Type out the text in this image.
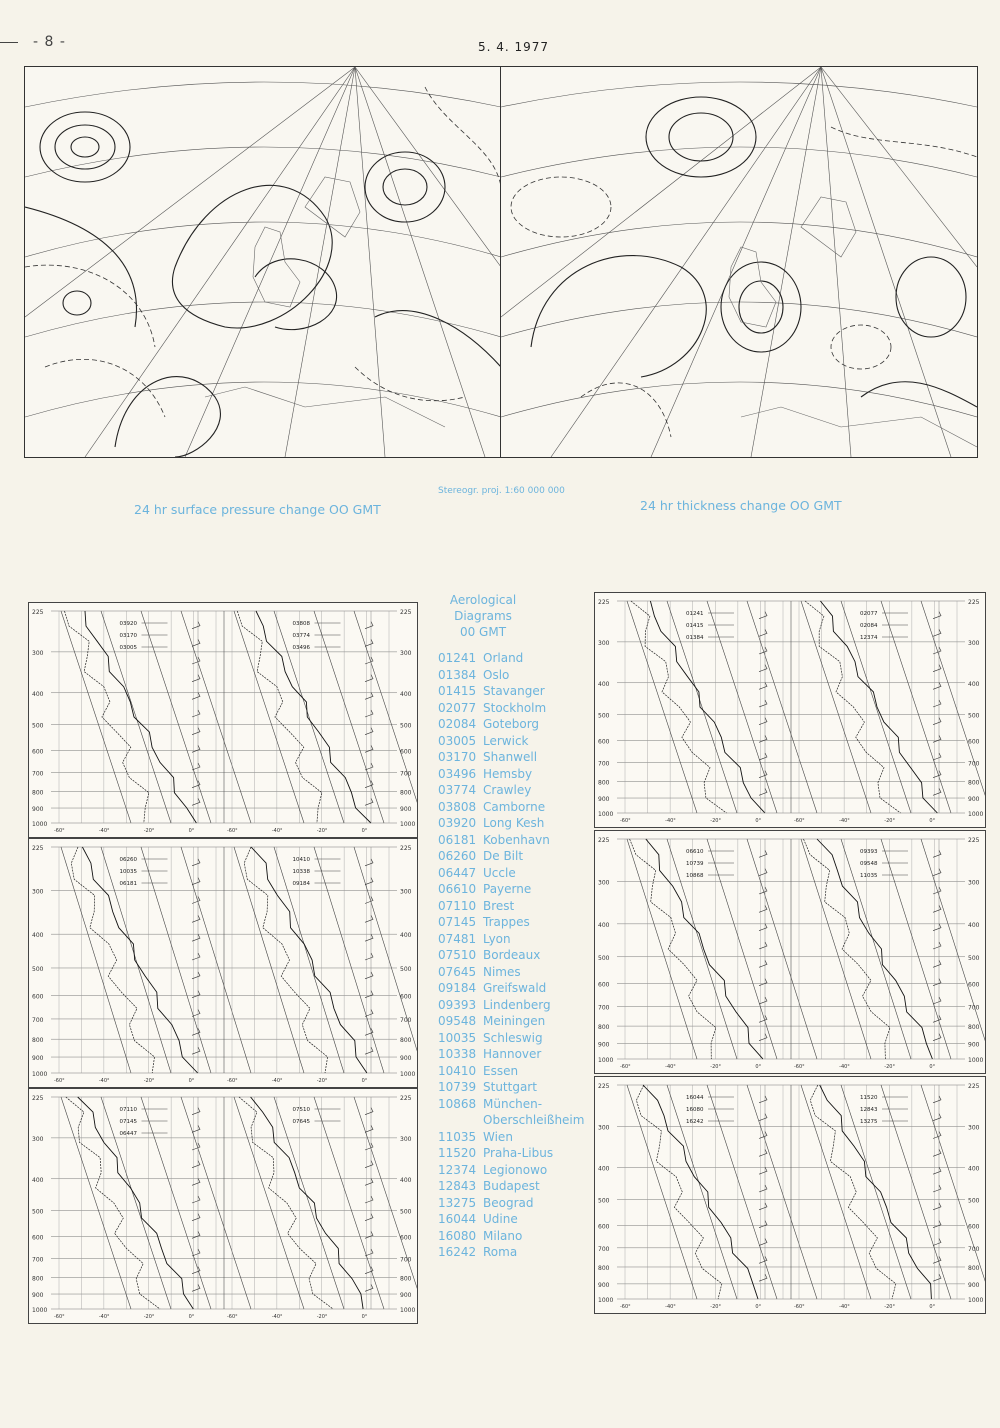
- 8 -	5. 4. 1977
24 hr surface pressure change OO GMT
Stereogr. proj. 1:60 000 000
24 hr thickness change OO GMT
225	225
300	300
400	400
500	500
600	600
700	700
800	800
900	900
1000	1000
-60°	-40°	-20°	0°
03920
03170
03005
-60°	-40°	-20°	0°
03808
03774
03496
225	225
300	300
400	400
500	500
600	600
700	700
800	800
900	900
1000	1000
-60°	-40°	-20°	0°
06260
10035
06181
-60°	-40°	-20°	0°
10410
10338
09184
225	225
300	300
400	400
500	500
600	600
700	700
800	800
900	900
1000	1000
-60°	-40°	-20°	0°
07110
07145
06447
-60°	-40°	-20°	0°
07510
07645
225	225
300	300
400	400
500	500
600	600
700	700
800	800
900	900
1000	1000
-60°	-40°	-20°	0°
01241
01415
01384
-60°	-40°	-20°	0°
02077
02084
12374
225	225
300	300
400	400
500	500
600	600
700	700
800	800
900	900
1000	1000
-60°	-40°	-20°	0°
06610
10739
10868
-60°	-40°	-20°	0°
09393
09548
11035
225	225
300	300
400	400
500	500
600	600
700	700
800	800
900	900
1000	1000
-60°	-40°	-20°	0°
16044
16080
16242
-60°	-40°	-20°	0°
11520
12843
13275
Aerological
Diagrams
00 GMT
01241 Orland
01384 Oslo
01415 Stavanger
02077 Stockholm
02084 Goteborg
03005 Lerwick
03170 Shanwell
03496 Hemsby
03774 Crawley
03808 Camborne
03920 Long Kesh
06181 Kobenhavn
06260 De Bilt
06447 Uccle
06610 Payerne
07110 Brest
07145 Trappes
07481 Lyon
07510 Bordeaux
07645 Nimes
09184 Greifswald
09393 Lindenberg
09548 Meiningen
10035 Schleswig
10338 Hannover
10410 Essen
10739 Stuttgart
10868 München-
Oberschleißheim
11035 Wien
11520 Praha-Libus
12374 Legionowo
12843 Budapest
13275 Beograd
16044 Udine
16080 Milano
16242 Roma
